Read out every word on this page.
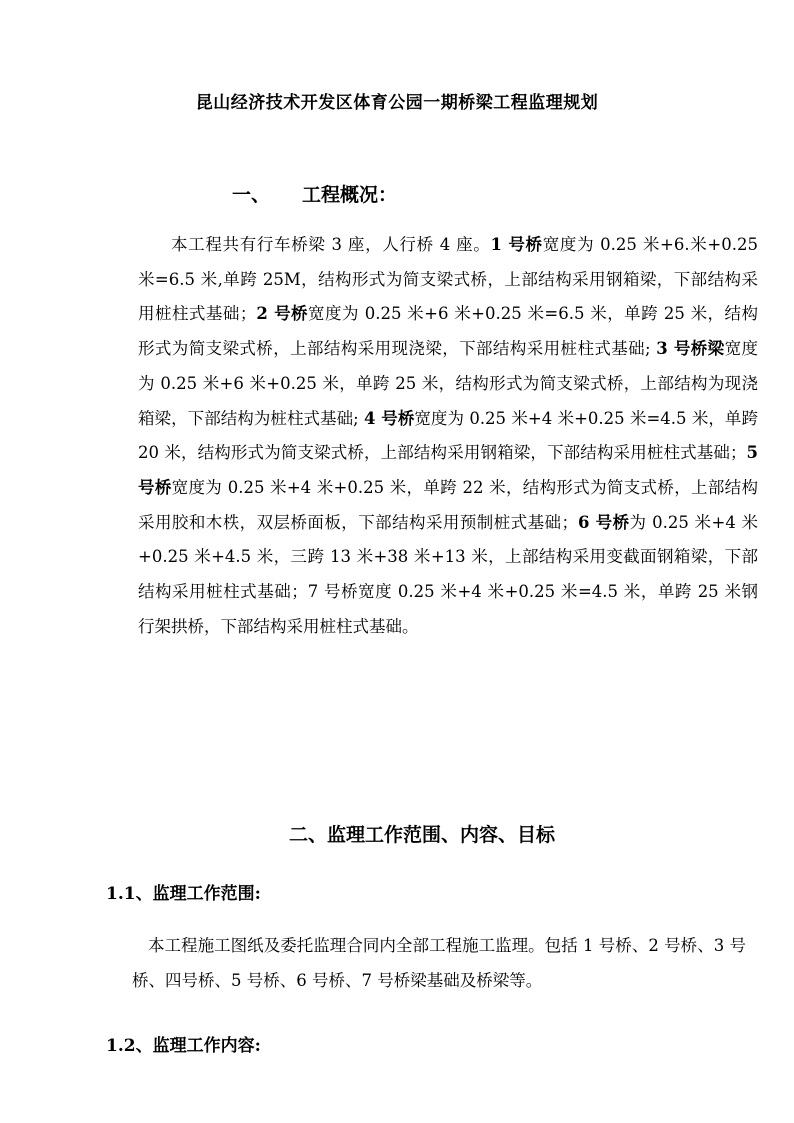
昆山经济技术开发区体育公园一期桥梁工程监理规划
一、 工程概况：

本工程共有行车桥梁 3 座，人行桥 4 座。1 号桥宽度为 0.25 米+6.米+0.25 米=6.5 米,单跨 25M，结构形式为简支梁式桥，上部结构采用钢箱梁，下部结构采用桩柱式基础；2 号桥宽度为 0.25 米+6 米+0.25 米=6.5 米，单跨 25 米，结构形式为简支梁式桥，上部结构采用现浇梁，下部结构采用桩柱式基础; 3 号桥梁宽度为 0.25 米+6 米+0.25 米，单跨 25 米，结构形式为简支梁式桥，上部结构为现浇箱梁，下部结构为桩柱式基础; 4 号桥宽度为 0.25 米+4 米+0.25 米=4.5 米，单跨 20 米，结构形式为简支梁式桥，上部结构采用钢箱梁，下部结构采用桩柱式基础；5 号桥宽度为 0.25 米+4 米+0.25 米，单跨 22 米，结构形式为简支式桥，上部结构采用胶和木柣，双层桥面板，下部结构采用预制桩式基础；6 号桥为 0.25 米+4 米+0.25 米+4.5 米，三跨 13 米+38 米+13 米，上部结构采用变截面钢箱梁，下部结构采用桩柱式基础；7 号桥宽度 0.25 米+4 米+0.25 米=4.5 米，单跨 25 米钢行架拱桥，下部结构采用桩柱式基础。

二、监理工作范围、内容、目标
1.1、监理工作范围:

本工程施工图纸及委托监理合同内全部工程施工监理。包括 1 号桥、2 号桥、3 号桥、四号桥、5 号桥、6 号桥、7 号桥梁基础及桥梁等。

1.2、监理工作内容:
